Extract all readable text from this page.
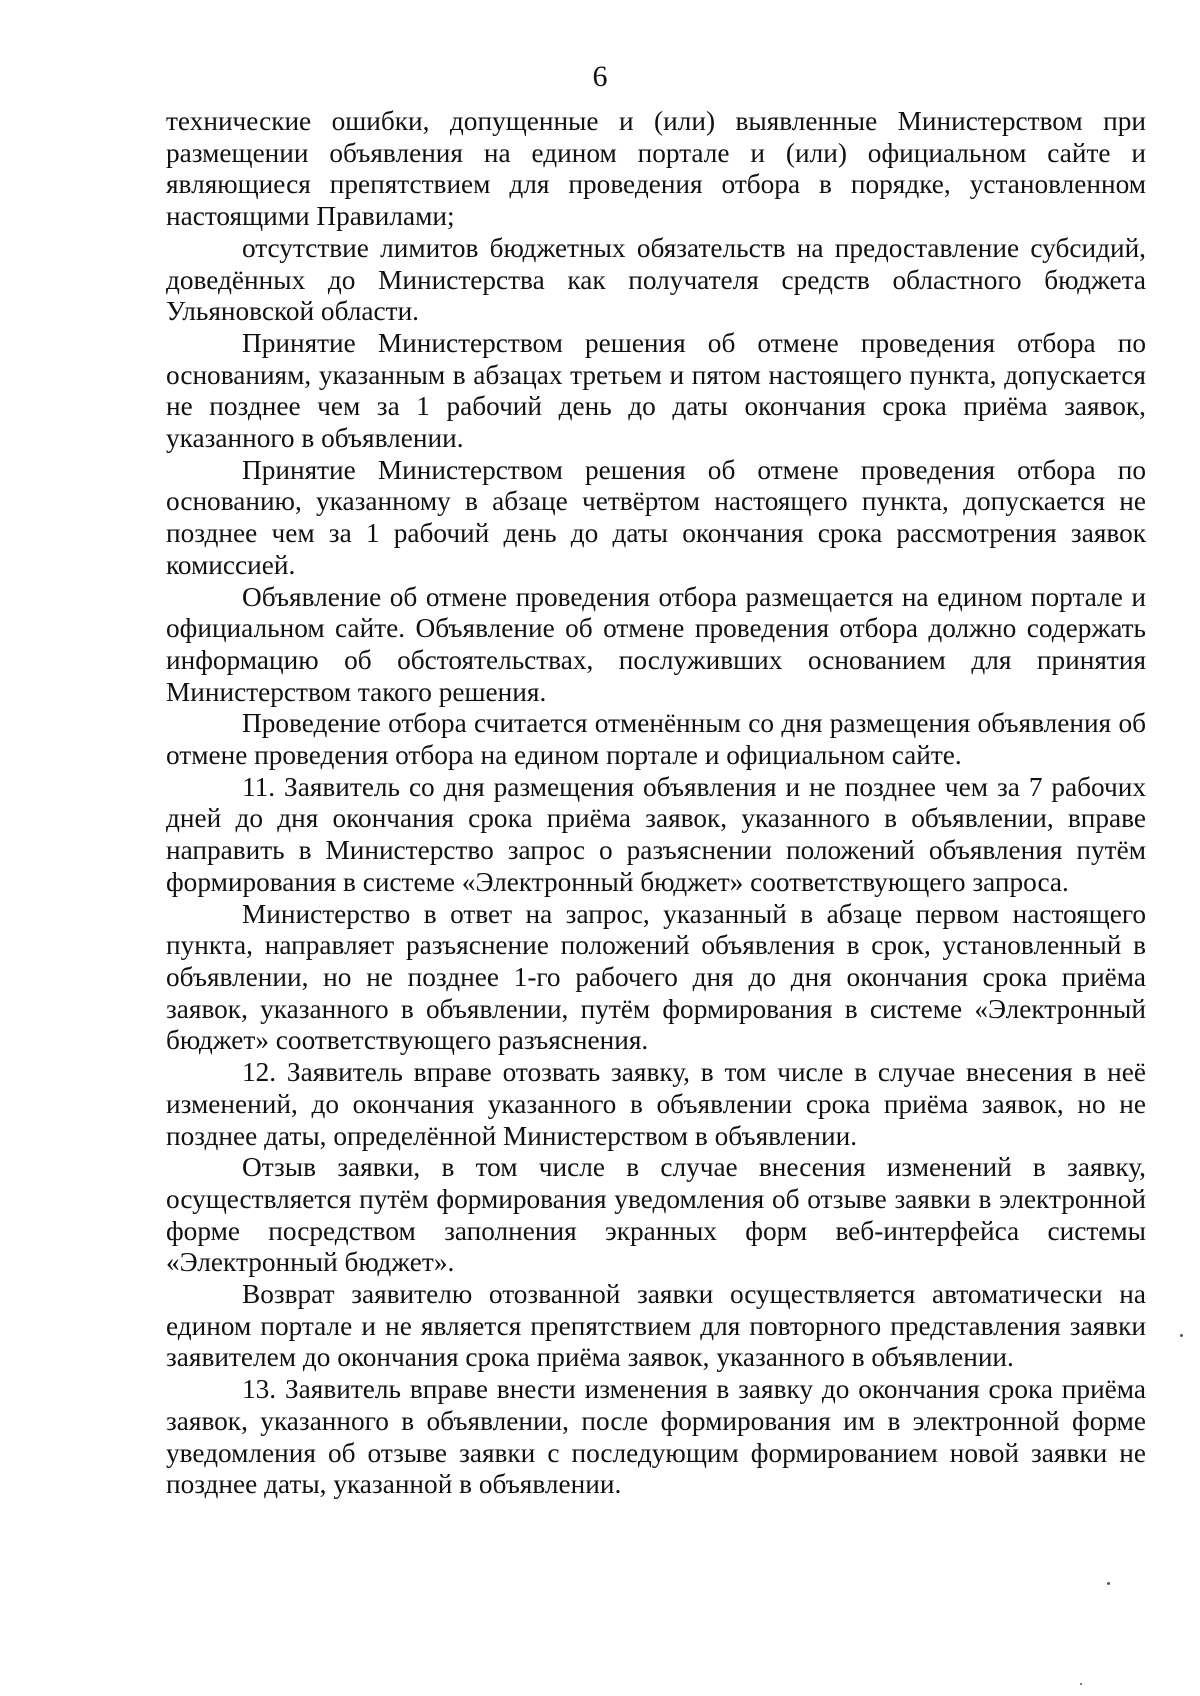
6

технические ошибки, допущенные и (или) выявленные Министерством при размещении объявления на едином портале и (или) официальном сайте и являющиеся препятствием для проведения отбора в порядке, установленном настоящими Правилами;

отсутствие лимитов бюджетных обязательств на предоставление субсидий, доведённых до Министерства как получателя средств областного бюджета Ульяновской области.

Принятие Министерством решения об отмене проведения отбора по основаниям, указанным в абзацах третьем и пятом настоящего пункта, допускается не позднее чем за 1 рабочий день до даты окончания срока приёма заявок, указанного в объявлении.

Принятие Министерством решения об отмене проведения отбора по основанию, указанному в абзаце четвёртом настоящего пункта, допускается не позднее чем за 1 рабочий день до даты окончания срока рассмотрения заявок комиссией.

Объявление об отмене проведения отбора размещается на едином портале и официальном сайте. Объявление об отмене проведения отбора должно содержать информацию об обстоятельствах, послуживших основанием для принятия Министерством такого решения.

Проведение отбора считается отменённым со дня размещения объявления об отмене проведения отбора на едином портале и официальном сайте.

11. Заявитель со дня размещения объявления и не позднее чем за 7 рабочих дней до дня окончания срока приёма заявок, указанного в объявлении, вправе направить в Министерство запрос о разъяснении положений объявления путём формирования в системе «Электронный бюджет» соответствующего запроса.

Министерство в ответ на запрос, указанный в абзаце первом настоящего пункта, направляет разъяснение положений объявления в срок, установленный в объявлении, но не позднее 1-го рабочего дня до дня окончания срока приёма заявок, указанного в объявлении, путём формирования в системе «Электронный бюджет» соответствующего разъяснения.

12. Заявитель вправе отозвать заявку, в том числе в случае внесения в неё изменений, до окончания указанного в объявлении срока приёма заявок, но не позднее даты, определённой Министерством в объявлении.

Отзыв заявки, в том числе в случае внесения изменений в заявку, осуществляется путём формирования уведомления об отзыве заявки в электронной форме посредством заполнения экранных форм веб-интерфейса системы «Электронный бюджет».

Возврат заявителю отозванной заявки осуществляется автоматически на едином портале и не является препятствием для повторного представления заявки заявителем до окончания срока приёма заявок, указанного в объявлении.

13. Заявитель вправе внести изменения в заявку до окончания срока приёма заявок, указанного в объявлении, после формирования им в электронной форме уведомления об отзыве заявки с последующим формированием новой заявки не позднее даты, указанной в объявлении.
